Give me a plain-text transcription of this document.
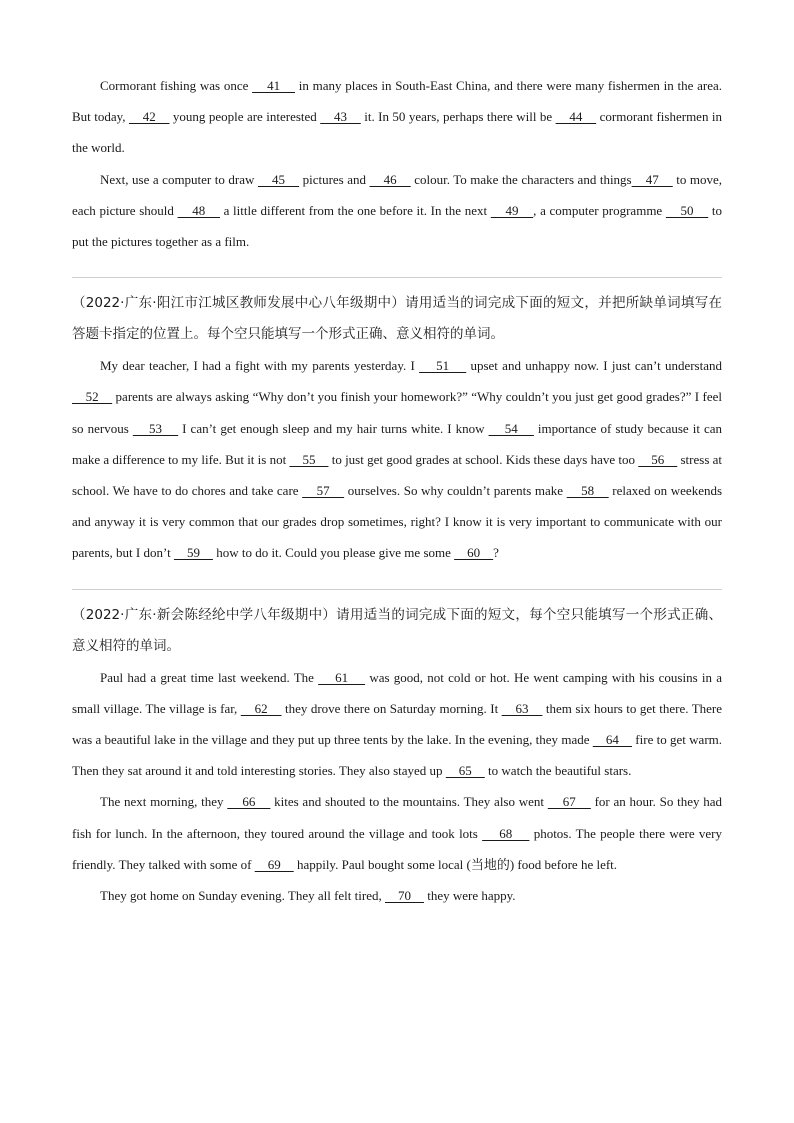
Cormorant fishing was once     41     in many places in South-East China, and there were many fishermen in the area. But today,     42     young people are interested     43     it. In 50 years, perhaps there will be     44     cormorant fishermen in the world.

Next, use a computer to draw     45     pictures and     46     colour. To make the characters and things    47     to move, each picture should     48     a little different from the one before it. In the next     49    , a computer programme     50     to put the pictures together as a film.

（2022·广东·阳江市江城区教师发展中心八年级期中）请用适当的词完成下面的短文，并把所缺单词填写在答题卡指定的位置上。每个空只能填写一个形式正确、意义相符的单词。

My dear teacher, I had a fight with my parents yesterday. I     51     upset and unhappy now. I just can’t understand     52     parents are always asking “Why don’t you finish your homework?” “Why couldn’t you just get good grades?” I feel so nervous     53     I can’t get enough sleep and my hair turns white. I know     54     importance of study because it can make a difference to my life. But it is not     55     to just get good grades at school. Kids these days have too     56     stress at school. We have to do chores and take care     57     ourselves. So why couldn’t parents make     58     relaxed on weekends and anyway it is very common that our grades drop sometimes, right? I know it is very important to communicate with our parents, but I don’t     59     how to do it. Could you please give me some     60    ?

（2022·广东·新会陈经纶中学八年级期中）请用适当的词完成下面的短文，每个空只能填写一个形式正确、意义相符的单词。

Paul had a great time last weekend. The     61     was good, not cold or hot. He went camping with his cousins in a small village. The village is far,     62     they drove there on Saturday morning. It     63     them six hours to get there. There was a beautiful lake in the village and they put up three tents by the lake. In the evening, they made     64     fire to get warm. Then they sat around it and told interesting stories. They also stayed up     65     to watch the beautiful stars.

The next morning, they     66     kites and shouted to the mountains. They also went     67     for an hour. So they had fish for lunch. In the afternoon, they toured around the village and took lots     68     photos. The people there were very friendly. They talked with some of     69     happily. Paul bought some local (当地的) food before he left.

They got home on Sunday evening. They all felt tired,     70     they were happy.
